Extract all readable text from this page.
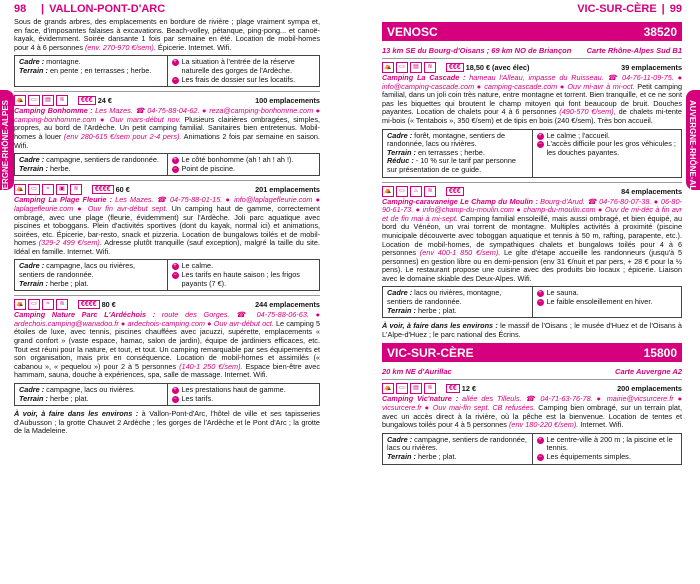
98	| VALLON-PONT-D'ARC

Sous de grands arbres, des emplacements en bordure de rivière ; plage vraiment sympa et, en face, d'imposantes falaises à excavations. Beach-volley, pétanque, ping-pong... et canoë-kayak, évidemment. Soirée dansante 1 fois par semaine en été. Location de mobil-homes pour 4 à 6 personnes (env. 270-970 €/sem). Épicerie. Internet. Wifi.

Cadre : montagne.
Terrain : en pente ; en terrasses ; herbe.
+ La situation à l'entrée de la réserve naturelle des gorges de l'Ardèche.
− Les frais de dossier sur les locatifs.
⛺	▭	▤	≋	€€€ 24 €	100 emplacements

Camping Bonhomme : Les Mazes. ☎ 04-75-88-04-62. ● reza@camping-bonhomme.com ● camping-bonhomme.com ● Ouv mars-début nov. Plusieurs clairières ombragées, simples, propres, au bord de l'Ardèche. Un petit camping familial. Sanitaires bien entretenus. Mobil-homes à louer (env 280-615 €/sem pour 2-4 pers). Animations 2 fois par semaine en saison. Wifi.

Cadre : campagne, sentiers de randonnée.
Terrain : herbe.
+ Le côté bonhomme (ah ! ah ! ah !).
− Point de piscine.
⛺	▭	≈	▣	≋	€€€€ 60 €	201 emplacements

Camping La Plage Fleurie : Les Mazes. ☎ 04-75-88-01-15. ● info@laplagefleurie.com ● laplagefleurie.com ● Ouv fin avr-début sept. Un camping haut de gamme, correctement ombragé, avec une plage (fleurie, évidemment) sur l'Ardèche. Joli parc aquatique avec piscines et toboggans. Plein d'activités sportives (dont du kayak, normal ici) et animations, soirées, etc. Épicerie, bar-resto, snack et pizzeria. Location de bungalows toilés et de mobil-homes (329-2 499 €/sem). Adresse plutôt tranquille (sauf exception), malgré la taille du site. Idéal en famille. Internet. Wifi.

Cadre : campagne, lacs ou rivières, sentiers de randonnée.
Terrain : herbe ; plat.
+ Le calme.
− Les tarifs en haute saison ; les frigos payants (7 €).
⛺	▭	≈	≋	€€€€ 80 €	244 emplacements

Camping Nature Parc L'Ardéchois : route des Gorges. ☎ 04-75-88-06-63. ● ardechois.camping@wanadoo.fr ● ardechois-camping.com ● Ouv avr-début oct. Le camping 5 étoiles de luxe, avec tennis, piscines chauffées avec jacuzzi, supérette, emplacements « grand confort » (vaste espace, hamac, salon de jardin), équipe de jardiniers efficaces, etc. Tout est réuni pour la nature, et tout, et tout. Un camping remarquable par ses équipements et son organisation, mais prix en conséquence. Location de mobil-homes et assimilés (« cabanou », « pequelou ») pour 2 à 5 personnes (140-1 250 €/sem). Espace bien-être avec hammam, sauna, douche à expériences, spa, salle de massage. Internet. Wifi.

Cadre : campagne, lacs ou rivières.
Terrain : herbe ; plat.
+ Les prestations haut de gamme.
− Les tarifs.

À voir, à faire dans les environs : à Vallon-Pont-d'Arc, l'hôtel de ville et ses tapisseries d'Aubusson ; la grotte Chauvet 2 Ardèche ; les gorges de l'Ardèche et le Pont d'Arc ; la grotte de la Madeleine.

AUVERGNE-RHÔNE-ALPES
VIC-SUR-CÈRE | 99
VENOSC	38520
13 km SE du Bourg-d'Oisans ; 69 km NO de Briançon Carte Rhône-Alpes Sud B1
⛺	▭	▤	≋	€€€ 18,50 € (avec élec)	39 emplacements

Camping La Cascade : hameau l'Alleau, impasse du Ruisseau. ☎ 04-76-11-09-75. ● info@camping-cascade.com ● camping-cascade.com ● Ouv mi-avr à mi-oct. Petit camping familial, dans un joli coin très nature, entre montagne et torrent. Bien tranquille, et ce ne sont pas les biquettes qui broutent le champ mitoyen qui font beaucoup de bruit. Douches payantes. Location de chalets pour 4 à 6 personnes (490-570 €/sem), de chalets mi-tente mi-bois (« Tentabois », 350 €/sem) et de tipis en bois (240 €/sem). Très bon accueil.

Cadre : forêt, montagne, sentiers de randonnée, lacs ou rivières.
Terrain : en terrasses ; herbe.
Réduc : - 10 % sur le tarif par personne sur présentation de ce guide.
+ Le calme ; l'accueil.
− L'accès difficile pour les gros véhicules ; les douches payantes.
⛺	▭	♨	≋	€€€	84 emplacements

Camping-caravaneige Le Champ du Moulin : Bourg-d'Arud. ☎ 04-76-80-07-38. ● 06-80-90-61-73. ● info@champ-du-moulin.com ● champ-du-moulin.com ● Ouv de mi-déc à fin avr et de fin mai à mi-sept. Camping familial ensoleillé, mais aussi ombragé, et bien équipé, au bord du Vénéon, un vrai torrent de montagne. Multiples activités à proximité (piscine municipale découverte avec toboggan aquatique et tennis à 50 m, rafting, parapente, etc.). Location de mobil-homes, de sympathiques chalets et bungalows toilés pour 4 à 6 personnes (env 400-1 850 €/sem). Le gîte d'étape accueille les randonneurs (jusqu'à 5 personnes) en gestion libre ou en demi-pension (env 31 €/nuit et par pers, + 28 € pour la ½ pens). Le restaurant propose une cuisine avec des produits bio locaux ; épicerie. Liaison avec le domaine skiable des Deux-Alpes. Wifi.

Cadre : lacs ou rivières, montagne, sentiers de randonnée.
Terrain : herbe ; plat.
+ Le sauna.
− Le faible ensoleillement en hiver.

À voir, à faire dans les environs : le massif de l'Oisans ; le musée d'Huez et de l'Oisans à L'Alpe-d'Huez ; le parc national des Écrins.

VIC-SUR-CÈRE	15800
20 km NE d'Aurillac	Carte Auvergne A2
⛺	▭	▤	≋	€€ 12 €	200 emplacements

Camping Vic'nature : allée des Tilleuls. ☎ 04-71-63-76-78. ● mairie@vicsurcere.fr ● vicsurcere.fr ● Ouv mai-fin sept. CB refusées. Camping bien ombragé, sur un terrain plat, avec un accès direct à la rivière, où la pêche est la bienvenue. Location de tentes et bungalows toilés pour 4 à 5 personnes (env 180-220 €/sem). Internet. Wifi.

Cadre : campagne, sentiers de randonnée, lacs ou rivières.
Terrain : herbe ; plat.
+ Le centre-ville à 200 m ; la piscine et le tennis.
− Les équipements simples.
AUVERGNE-RHÔNE-ALPES
